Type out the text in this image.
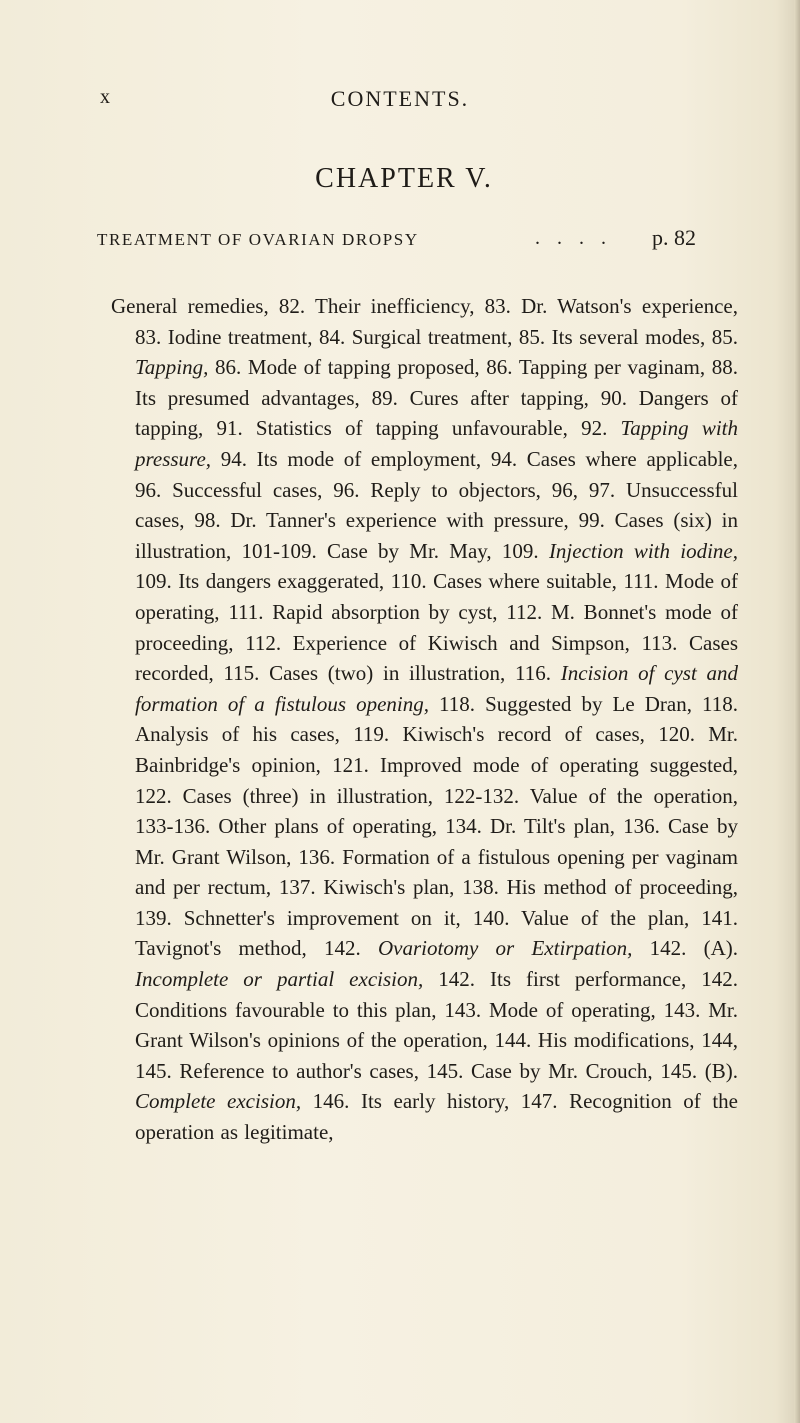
x	CONTENTS.
CHAPTER V.
TREATMENT OF OVARIAN DROPSY	. . . . p. 82

General remedies, 82. Their inefficiency, 83. Dr. Watson's experience, 83. Iodine treatment, 84. Surgical treatment, 85. Its several modes, 85. Tapping, 86. Mode of tapping proposed, 86. Tapping per vaginam, 88. Its presumed advantages, 89. Cures after tapping, 90. Dangers of tapping, 91. Statistics of tapping unfavourable, 92. Tapping with pressure, 94. Its mode of employment, 94. Cases where applicable, 96. Successful cases, 96. Reply to objectors, 96, 97. Unsuccessful cases, 98. Dr. Tanner's experience with pressure, 99. Cases (six) in illustration, 101-109. Case by Mr. May, 109. Injection with iodine, 109. Its dangers exaggerated, 110. Cases where suitable, 111. Mode of operating, 111. Rapid absorption by cyst, 112. M. Bonnet's mode of proceeding, 112. Experience of Kiwisch and Simpson, 113. Cases recorded, 115. Cases (two) in illustration, 116. Incision of cyst and formation of a fistulous opening, 118. Suggested by Le Dran, 118. Analysis of his cases, 119. Kiwisch's record of cases, 120. Mr. Bainbridge's opinion, 121. Improved mode of operating suggested, 122. Cases (three) in illustration, 122-132. Value of the operation, 133-136. Other plans of operating, 134. Dr. Tilt's plan, 136. Case by Mr. Grant Wilson, 136. Formation of a fistulous opening per vaginam and per rectum, 137. Kiwisch's plan, 138. His method of proceeding, 139. Schnetter's improvement on it, 140. Value of the plan, 141. Tavignot's method, 142. Ovariotomy or Extirpation, 142. (A). Incomplete or partial excision, 142. Its first performance, 142. Conditions favourable to this plan, 143. Mode of operating, 143. Mr. Grant Wilson's opinions of the operation, 144. His modifications, 144, 145. Reference to author's cases, 145. Case by Mr. Crouch, 145. (B). Complete excision, 146. Its early history, 147. Recognition of the operation as legitimate,
